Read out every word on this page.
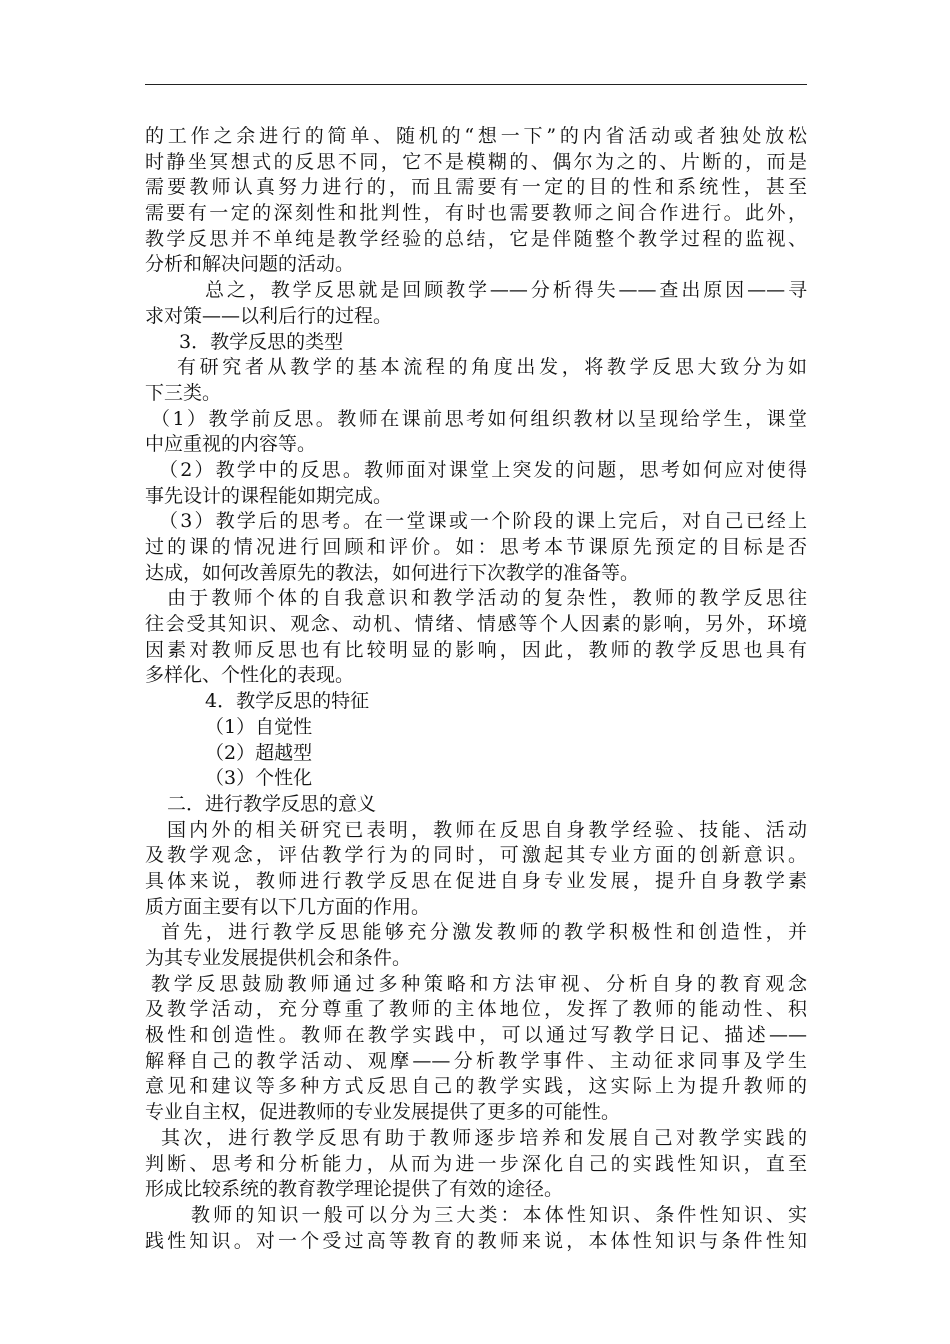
的工作之余进行的简单、随机的“想一下”的内省活动或者独处放松
时静坐冥想式的反思不同，它不是模糊的、偶尔为之的、片断的，而是
需要教师认真努力进行的，而且需要有一定的目的性和系统性，甚至
需要有一定的深刻性和批判性，有时也需要教师之间合作进行。此外，
教学反思并不单纯是教学经验的总结，它是伴随整个教学过程的监视、
分析和解决问题的活动。
总之，教学反思就是回顾教学——分析得失——查出原因——寻
求对策——以利后行的过程。
3．教学反思的类型
有研究者从教学的基本流程的角度出发，将教学反思大致分为如
下三类。
（1）教学前反思。教师在课前思考如何组织教材以呈现给学生，课堂
中应重视的内容等。
（2）教学中的反思。教师面对课堂上突发的问题，思考如何应对使得
事先设计的课程能如期完成。
（3）教学后的思考。在一堂课或一个阶段的课上完后，对自己已经上
过的课的情况进行回顾和评价。如：思考本节课原先预定的目标是否
达成，如何改善原先的教法，如何进行下次教学的准备等。
由于教师个体的自我意识和教学活动的复杂性，教师的教学反思往
往会受其知识、观念、动机、情绪、情感等个人因素的影响，另外，环境
因素对教师反思也有比较明显的影响，因此，教师的教学反思也具有
多样化、个性化的表现。
4．教学反思的特征
（1）自觉性
（2）超越型
（3）个性化
二．进行教学反思的意义
国内外的相关研究已表明，教师在反思自身教学经验、技能、活动
及教学观念，评估教学行为的同时，可激起其专业方面的创新意识。
具体来说，教师进行教学反思在促进自身专业发展，提升自身教学素
质方面主要有以下几方面的作用。
首先，进行教学反思能够充分激发教师的教学积极性和创造性，并
为其专业发展提供机会和条件。
教学反思鼓励教师通过多种策略和方法审视、分析自身的教育观念
及教学活动，充分尊重了教师的主体地位，发挥了教师的能动性、积
极性和创造性。教师在教学实践中，可以通过写教学日记、描述——
解释自己的教学活动、观摩——分析教学事件、主动征求同事及学生
意见和建议等多种方式反思自己的教学实践，这实际上为提升教师的
专业自主权，促进教师的专业发展提供了更多的可能性。
其次，进行教学反思有助于教师逐步培养和发展自己对教学实践的
判断、思考和分析能力，从而为进一步深化自己的实践性知识，直至
形成比较系统的教育教学理论提供了有效的途径。
教师的知识一般可以分为三大类：本体性知识、条件性知识、实
践性知识。对一个受过高等教育的教师来说，本体性知识与条件性知
